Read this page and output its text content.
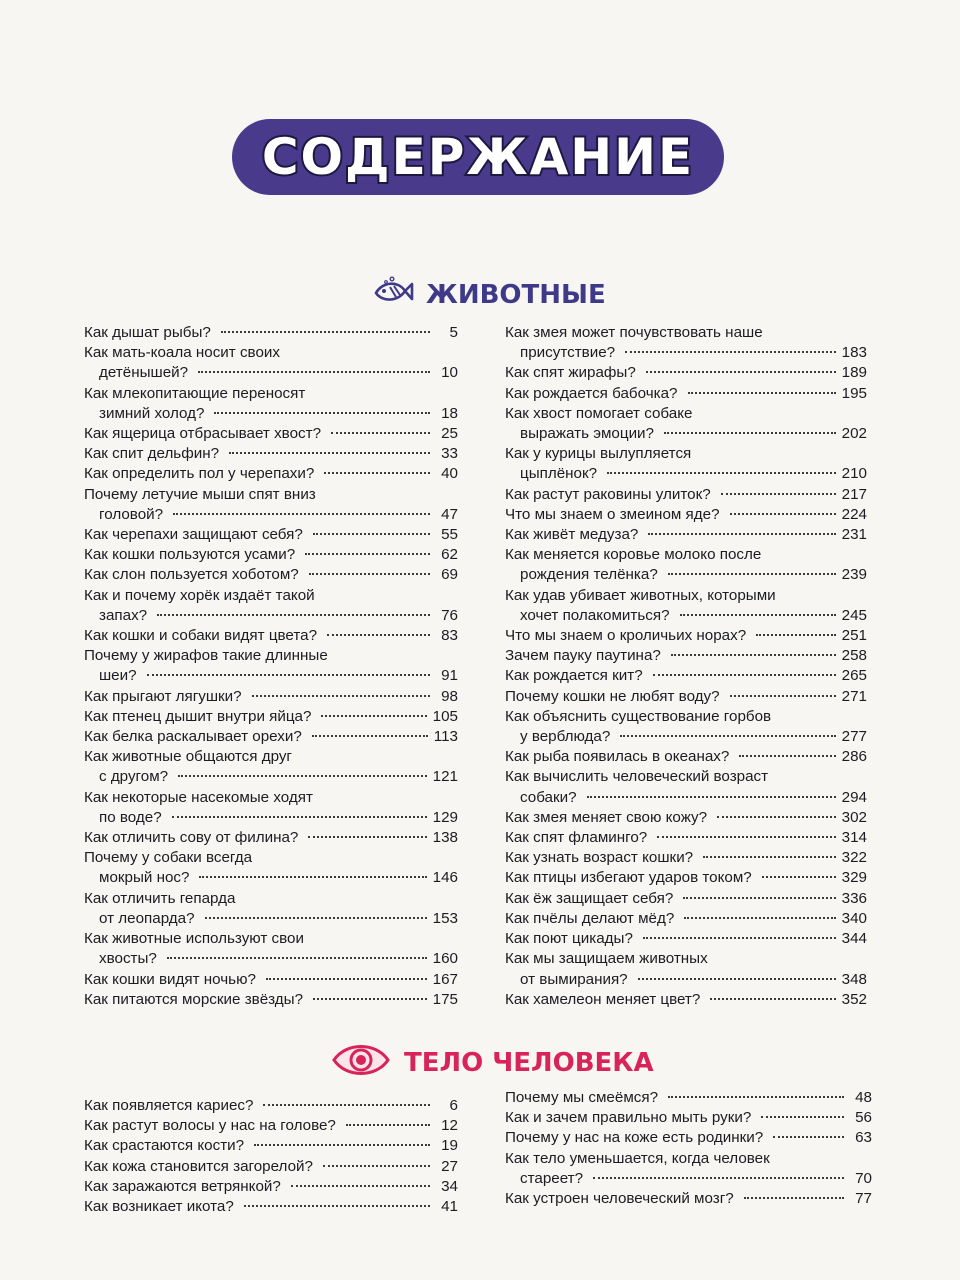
СОДЕРЖАНИЕ
ЖИВОТНЫЕ
Как дышат рыбы?	5
Как мать-коала носит своих
детёнышей?	10
Как млекопитающие переносят
зимний холод?	18
Как ящерица отбрасывает хвост?	25
Как спит дельфин?	33
Как определить пол у черепахи?	40
Почему летучие мыши спят вниз
головой?	47
Как черепахи защищают себя?	55
Как кошки пользуются усами?	62
Как слон пользуется хоботом?	69
Как и почему хорёк издаёт такой
запах?	76
Как кошки и собаки видят цвета?	83
Почему у жирафов такие длинные
шеи?	91
Как прыгают лягушки?	98
Как птенец дышит внутри яйца?	105
Как белка раскалывает орехи?	113
Как животные общаются друг
с другом?	121
Как некоторые насекомые ходят
по воде?	129
Как отличить сову от филина?	138
Почему у собаки всегда
мокрый нос?	146
Как отличить гепарда
от леопарда?	153
Как животные используют свои
хвосты?	160
Как кошки видят ночью?	167
Как питаются морские звёзды?	175
Как змея может почувствовать наше
присутствие?	183
Как спят жирафы?	189
Как рождается бабочка?	195
Как хвост помогает собаке
выражать эмоции?	202
Как у курицы вылупляется
цыплёнок?	210
Как растут раковины улиток?	217
Что мы знаем о змеином яде?	224
Как живёт медуза?	231
Как меняется коровье молоко после
рождения телёнка?	239
Как удав убивает животных, которыми
хочет полакомиться?	245
Что мы знаем о кроличьих норах?	251
Зачем пауку паутина?	258
Как рождается кит?	265
Почему кошки не любят воду?	271
Как объяснить существование горбов
у верблюда?	277
Как рыба появилась в океанах?	286
Как вычислить человеческий возраст
собаки?	294
Как змея меняет свою кожу?	302
Как спят фламинго?	314
Как узнать возраст кошки?	322
Как птицы избегают ударов током?	329
Как ёж защищает себя?	336
Как пчёлы делают мёд?	340
Как поют цикады?	344
Как мы защищаем животных
от вымирания?	348
Как хамелеон меняет цвет?	352
ТЕЛО ЧЕЛОВЕКА
Как появляется кариес?	6
Как растут волосы у нас на голове?	12
Как срастаются кости?	19
Как кожа становится загорелой?	27
Как заражаются ветрянкой?	34
Как возникает икота?	41
Почему мы смеёмся?	48
Как и зачем правильно мыть руки?	56
Почему у нас на коже есть родинки?	63
Как тело уменьшается, когда человек
стареет?	70
Как устроен человеческий мозг?	77
